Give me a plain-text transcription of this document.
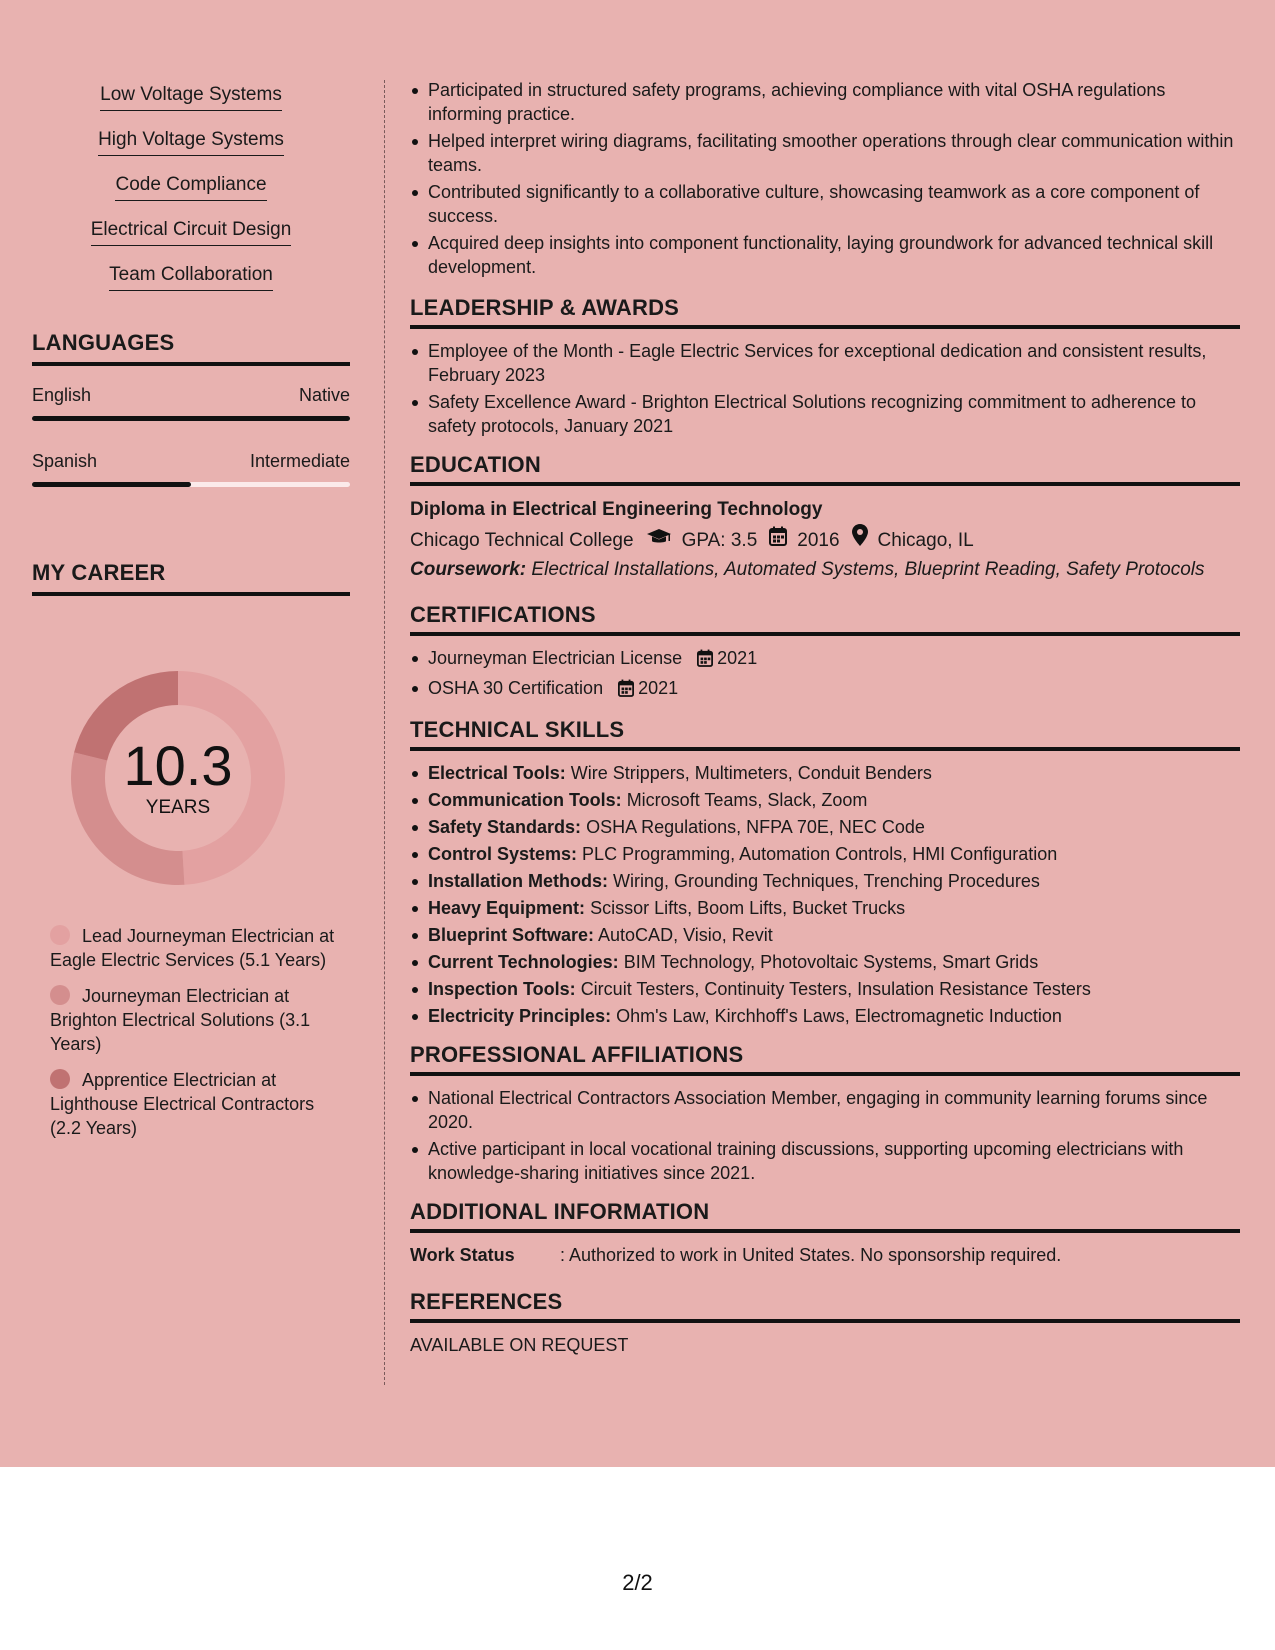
Low Voltage Systems
High Voltage Systems
Code Compliance
Electrical Circuit Design
Team Collaboration
LANGUAGES
English	Native
Spanish	Intermediate
MY CAREER
10.3
YEARS
Lead Journeyman Electrician at Eagle Electric Services (5.1 Years)
Journeyman Electrician at Brighton Electrical Solutions (3.1 Years)
Apprentice Electrician at Lighthouse Electrical Contractors (2.2 Years)
Participated in structured safety programs, achieving compliance with vital OSHA regulations informing practice.
Helped interpret wiring diagrams, facilitating smoother operations through clear communication within teams.
Contributed significantly to a collaborative culture, showcasing teamwork as a core component of success.
Acquired deep insights into component functionality, laying groundwork for advanced technical skill development.
LEADERSHIP & AWARDS
Employee of the Month - Eagle Electric Services for exceptional dedication and consistent results, February 2023
Safety Excellence Award - Brighton Electrical Solutions recognizing commitment to adherence to safety protocols, January 2021
EDUCATION
Diploma in Electrical Engineering Technology
Chicago Technical College	GPA: 3.5 2016 Chicago, IL
Coursework: Electrical Installations, Automated Systems, Blueprint Reading, Safety Protocols
CERTIFICATIONS
Journeyman Electrician License 2021
OSHA 30 Certification 2021
TECHNICAL SKILLS
Electrical Tools: Wire Strippers, Multimeters, Conduit Benders
Communication Tools: Microsoft Teams, Slack, Zoom
Safety Standards: OSHA Regulations, NFPA 70E, NEC Code
Control Systems: PLC Programming, Automation Controls, HMI Configuration
Installation Methods: Wiring, Grounding Techniques, Trenching Procedures
Heavy Equipment: Scissor Lifts, Boom Lifts, Bucket Trucks
Blueprint Software: AutoCAD, Visio, Revit
Current Technologies: BIM Technology, Photovoltaic Systems, Smart Grids
Inspection Tools: Circuit Testers, Continuity Testers, Insulation Resistance Testers
Electricity Principles: Ohm's Law, Kirchhoff's Laws, Electromagnetic Induction
PROFESSIONAL AFFILIATIONS
National Electrical Contractors Association Member, engaging in community learning forums since 2020.
Active participant in local vocational training discussions, supporting upcoming electricians with knowledge-sharing initiatives since 2021.
ADDITIONAL INFORMATION
Work Status	: Authorized to work in United States. No sponsorship required.
REFERENCES
AVAILABLE ON REQUEST
2/2
